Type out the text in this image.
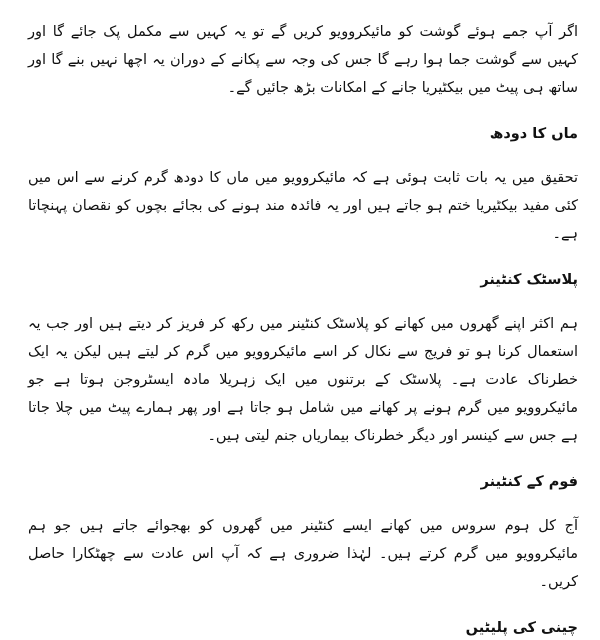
اگر آپ جمے ہوئے گوشت کو مائیکروویو کریں گے تو یہ کہیں سے مکمل پک جائے گا اور کہیں سے گوشت جما ہوا رہے گا جس کی وجہ سے پکانے کے دوران یہ اچھا نہیں بنے گا اور ساتھ ہی پیٹ میں بیکٹیریا جانے کے امکانات بڑھ جائیں گے۔

ماں کا دودھ

تحقیق میں یہ بات ثابت ہوئی ہے کہ مائیکروویو میں ماں کا دودھ گرم کرنے سے اس میں کئی مفید بیکٹیریا ختم ہو جاتے ہیں اور یہ فائدہ مند ہونے کی بجائے بچوں کو نقصان پہنچاتا ہے۔

پلاسٹک کنٹینر

ہم اکثر اپنے گھروں میں کھانے کو پلاسٹک کنٹینر میں رکھ کر فریز کر دیتے ہیں اور جب یہ استعمال کرنا ہو تو فریج سے نکال کر اسے مائیکروویو میں گرم کر لیتے ہیں لیکن یہ ایک خطرناک عادت ہے۔ پلاسٹک کے برتنوں میں ایک زہریلا مادہ ایسٹروجن ہوتا ہے جو مائیکروویو میں گرم ہونے پر کھانے میں شامل ہو جاتا ہے اور پھر ہمارے پیٹ میں چلا جاتا ہے جس سے کینسر اور دیگر خطرناک بیماریاں جنم لیتی ہیں۔

فوم کے کنٹینر

آج کل ہوم سروس میں کھانے ایسے کنٹینر میں گھروں کو بھجوائے جاتے ہیں جو ہم مائیکروویو میں گرم کرتے ہیں۔ لہٰذا ضروری ہے کہ آپ اس عادت سے چھٹکارا حاصل کریں۔

چینی کی پلیٹیں
